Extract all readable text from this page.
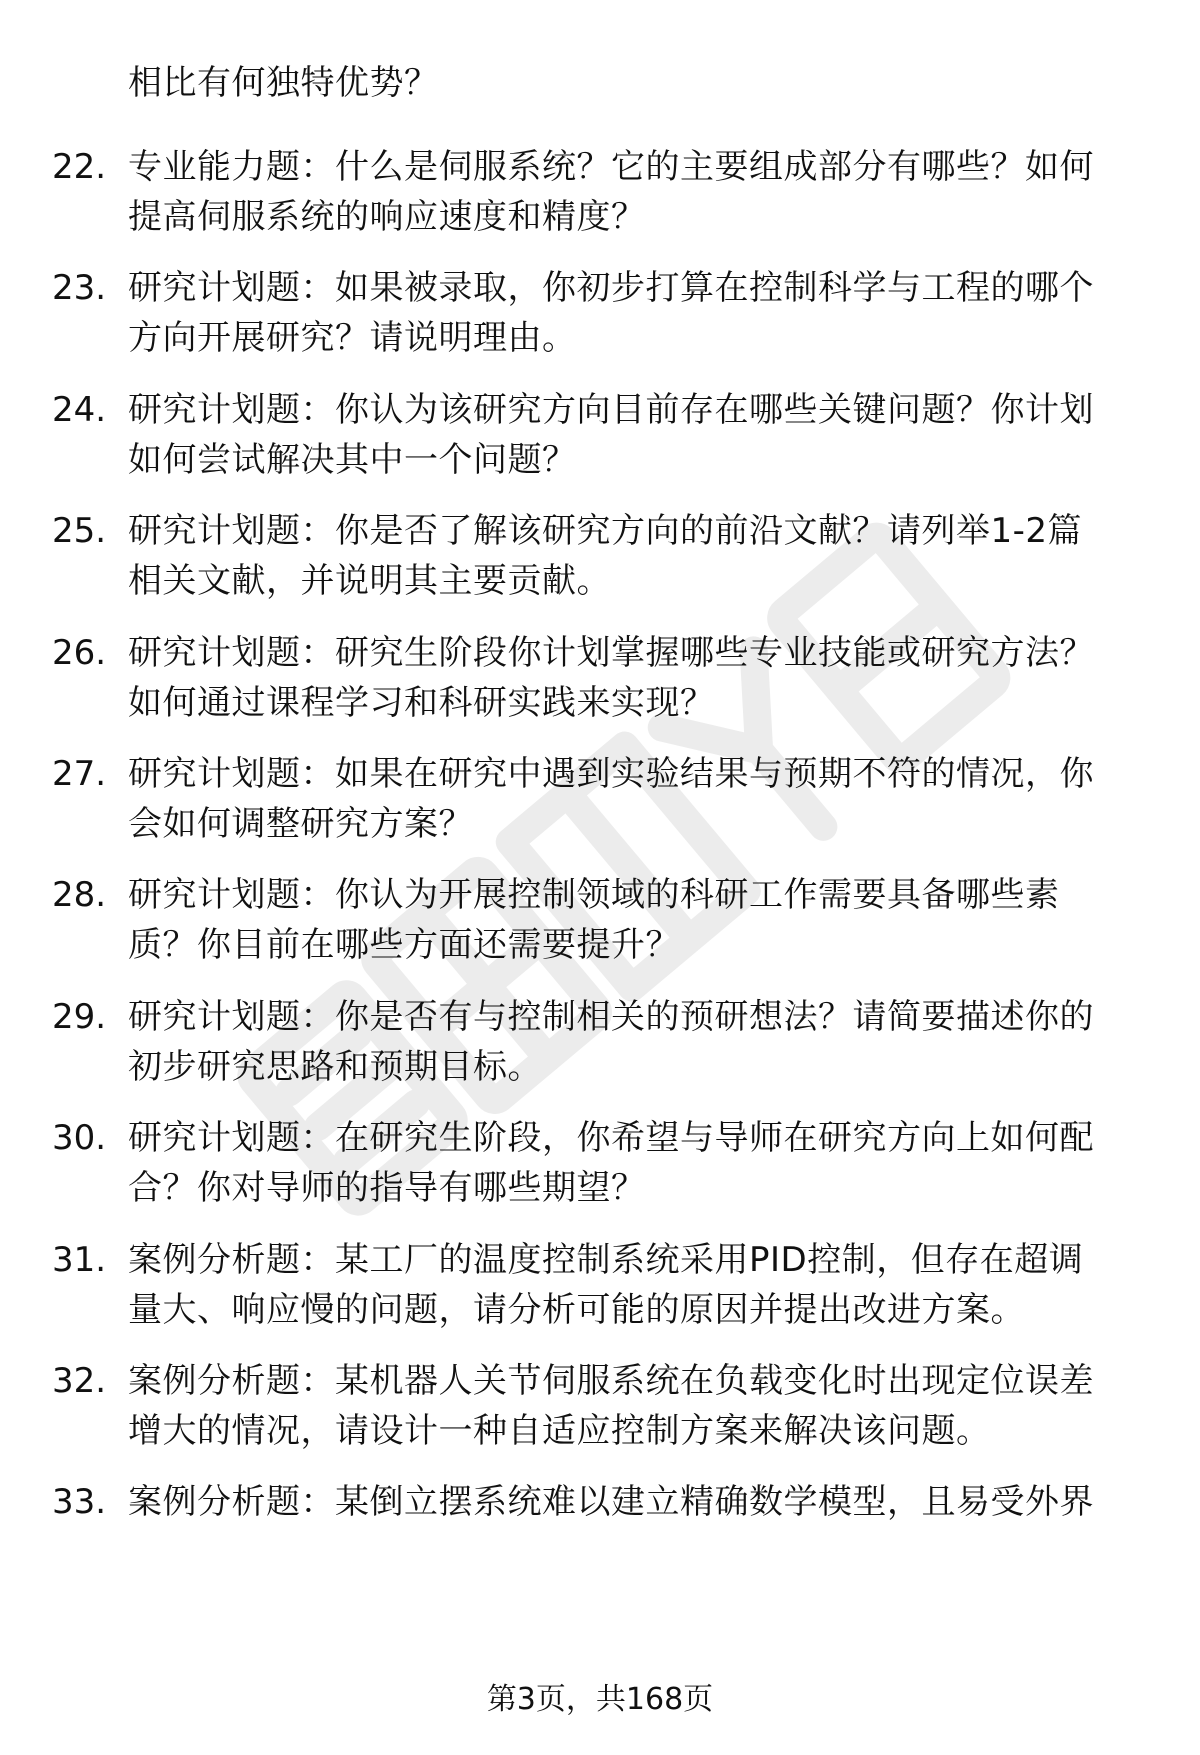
相比有何独特优势？
22. 专业能力题：什么是伺服系统？它的主要组成部分有哪些？如何
提高伺服系统的响应速度和精度？
23. 研究计划题：如果被录取，你初步打算在控制科学与工程的哪个
方向开展研究？请说明理由。
24. 研究计划题：你认为该研究方向目前存在哪些关键问题？你计划
如何尝试解决其中一个问题？
25. 研究计划题：你是否了解该研究方向的前沿文献？请列举1-2篇
相关文献，并说明其主要贡献。
26. 研究计划题：研究生阶段你计划掌握哪些专业技能或研究方法？
如何通过课程学习和科研实践来实现？
27. 研究计划题：如果在研究中遇到实验结果与预期不符的情况，你
会如何调整研究方案？
28. 研究计划题：你认为开展控制领域的科研工作需要具备哪些素
质？你目前在哪些方面还需要提升？
29. 研究计划题：你是否有与控制相关的预研想法？请简要描述你的
初步研究思路和预期目标。
30. 研究计划题：在研究生阶段，你希望与导师在研究方向上如何配
合？你对导师的指导有哪些期望？
31. 案例分析题：某工厂的温度控制系统采用PID控制，但存在超调
量大、响应慢的问题，请分析可能的原因并提出改进方案。
32. 案例分析题：某机器人关节伺服系统在负载变化时出现定位误差
增大的情况，请设计一种自适应控制方案来解决该问题。
33. 案例分析题：某倒立摆系统难以建立精确数学模型，且易受外界
第3页，共168页
